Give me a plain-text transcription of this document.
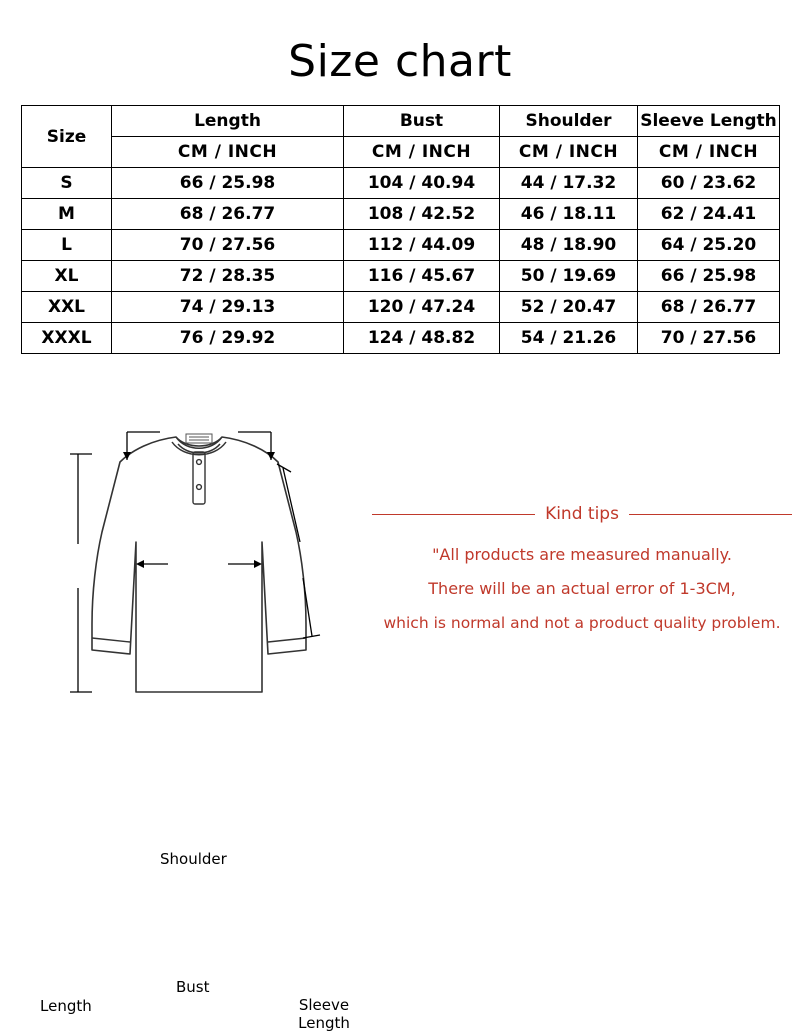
Size chart
Size	Length	Bust	Shoulder	Sleeve Length
	CM / INCH	CM / INCH	CM / INCH	CM / INCH
S	66 / 25.98	104 / 40.94	44 / 17.32	60 / 23.62
M	68 / 26.77	108 / 42.52	46 / 18.11	62 / 24.41
L	70 / 27.56	112 / 44.09	48 / 18.90	64 / 25.20
XL	72 / 28.35	116 / 45.67	50 / 19.69	66 / 25.98
XXL	74 / 29.13	120 / 47.24	52 / 20.47	68 / 26.77
XXXL	76 / 29.92	124 / 48.82	54 / 21.26	70 / 27.56
Shoulder
Bust
Length	Sleeve
Length
Kind tips
"All products are measured manually.
There will be an actual error of 1-3CM,
which is normal and not a product quality problem.
